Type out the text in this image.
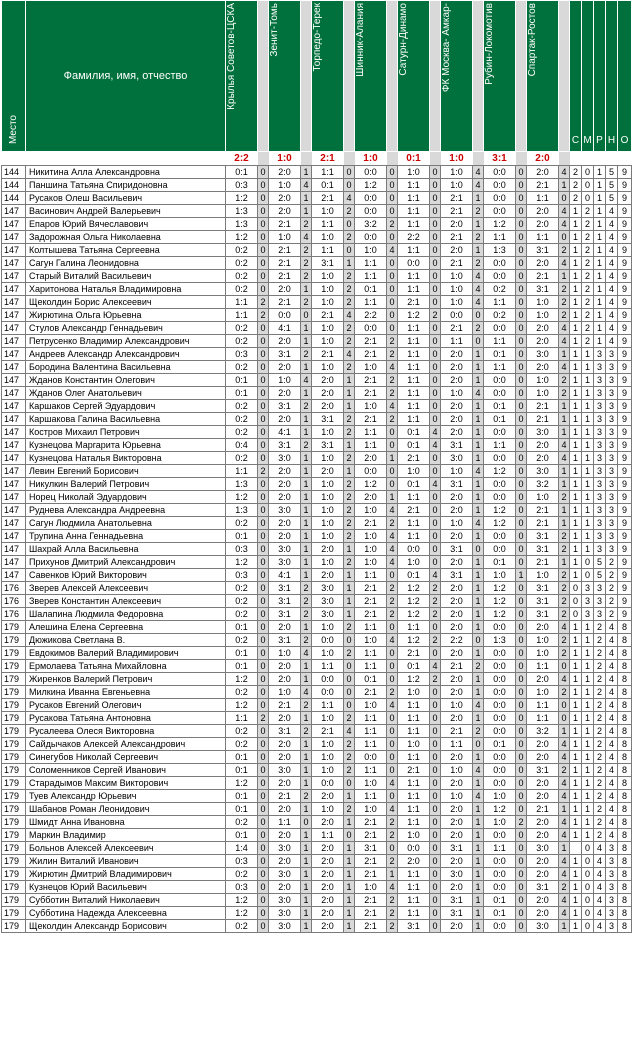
Место	Фамилия, имя, отчество	Крылья Советов-ЦСКА		Зенит-Томь		Торпедо-Терек		Шинник-Алания		Сатурн-Динамо		ФК Москва- Амкар-		Рубин-Локомотив		Спартак-Ростов		С	М	Р	Н	О
		2:2		1:0		2:1		1:0		0:1		1:0		3:1		2:0						
144	Никитина Алла Александровна	0:1	0	2:0	1	1:1	0	0:0	0	1:0	0	1:0	4	0:0	0	2:0	4	2	0	1	5	9
144	Паншина Татьяна Спиридоновна	0:3	0	1:0	4	0:1	0	1:2	0	1:1	0	1:0	4	0:0	0	2:1	1	2	0	1	5	9
144	Русаков Олеш Васильевич	1:2	0	2:0	1	2:1	4	0:0	0	1:1	0	2:1	1	0:0	0	1:1	0	2	0	1	5	9
147	Васинович Андрей Валерьевич	1:3	0	2:0	1	1:0	2	0:0	0	1:1	0	2:1	2	0:0	0	2:0	4	1	2	1	4	9
147	Епаров Юрий Вячеславович	1:3	0	2:1	2	1:1	0	3:2	2	1:1	0	2:0	1	1:2	0	2:0	4	1	2	1	4	9
147	Задорожная Ольга Николаевна	1:2	0	1:0	4	1:0	2	0:0	0	2:2	0	2:1	2	1:1	0	1:1	0	1	2	1	4	9
147	Колтышева Татьяна Сергеевна	0:2	0	2:1	2	1:1	0	1:0	4	1:1	0	2:0	1	1:3	0	3:1	2	1	2	1	4	9
147	Сагун Галина Леонидовна	0:2	0	2:1	2	3:1	1	1:1	0	0:0	0	2:1	2	0:0	0	2:0	4	1	2	1	4	9
147	Старый Виталий Васильевич	0:2	0	2:1	2	1:0	2	1:1	0	1:1	0	1:0	4	0:0	0	2:1	1	1	2	1	4	9
147	Харитонова Наталья Владимировна	0:2	0	2:0	1	1:0	2	0:1	0	1:1	0	1:0	4	0:2	0	3:1	2	1	2	1	4	9
147	Щеколдин Борис Алексеевич	1:1	2	2:1	2	1:0	2	1:1	0	2:1	0	1:0	4	1:1	0	1:0	2	1	2	1	4	9
147	Жирютина Ольга Юрьевна	1:1	2	0:0	0	2:1	4	2:2	0	1:2	2	0:0	0	0:2	0	1:0	2	1	2	1	4	9
147	Стулов Александр Геннадьевич	0:2	0	4:1	1	1:0	2	0:0	0	1:1	0	2:1	2	0:0	0	2:0	4	1	2	1	4	9
147	Петрусенко Владимир Александрович	0:2	0	2:0	1	1:0	2	2:1	2	1:1	0	1:1	0	1:1	0	2:0	4	1	2	1	4	9
147	Андреев Александр Александрович	0:3	0	3:1	2	2:1	4	2:1	2	1:1	0	2:0	1	0:1	0	3:0	1	1	1	3	3	9
147	Бородина Валентина Васильевна	0:2	0	2:0	1	1:0	2	1:0	4	1:1	0	2:0	1	1:1	0	2:0	4	1	1	3	3	9
147	Жданов Константин Олегович	0:1	0	1:0	4	2:0	1	2:1	2	1:1	0	2:0	1	0:0	0	1:0	2	1	1	3	3	9
147	Жданов Олег Анатольевич	0:1	0	2:0	1	2:0	1	2:1	2	1:1	0	1:0	4	0:0	0	1:0	2	1	1	3	3	9
147	Каршаков Сергей Эдуардович	0:2	0	3:1	2	2:0	1	1:0	4	1:1	0	2:0	1	0:1	0	2:1	1	1	1	3	3	9
147	Каршакова Галина Васильевна	0:2	0	2:0	1	3:1	2	2:1	2	1:1	0	2:0	1	0:1	0	2:1	1	1	1	3	3	9
147	Костров Михаил Петрович	0:2	0	4:1	1	1:0	2	1:1	0	0:1	4	2:0	1	0:0	0	3:0	1	1	1	3	3	9
147	Кузнецова Маргарита Юрьевна	0:4	0	3:1	2	3:1	1	1:1	0	0:1	4	3:1	1	1:1	0	2:0	4	1	1	3	3	9
147	Кузнецова Наталья Викторовна	0:2	0	3:0	1	1:0	2	2:0	1	2:1	0	3:0	1	0:0	0	2:0	4	1	1	3	3	9
147	Левин Евгений Борисович	1:1	2	2:0	1	2:0	1	0:0	0	1:0	0	1:0	4	1:2	0	3:0	1	1	1	3	3	9
147	Никулкин Валерий Петрович	1:3	0	2:0	1	1:0	2	1:2	0	0:1	4	3:1	1	0:0	0	3:2	1	1	1	3	3	9
147	Норец Николай Эдуардович	1:2	0	2:0	1	1:0	2	2:0	1	1:1	0	2:0	1	0:0	0	1:0	2	1	1	3	3	9
147	Руднева Александра Андреевна	1:3	0	3:0	1	1:0	2	1:0	4	2:1	0	2:0	1	1:2	0	2:1	1	1	1	3	3	9
147	Сагун Людмила Анатольевна	0:2	0	2:0	1	1:0	2	2:1	2	1:1	0	1:0	4	1:2	0	2:1	1	1	1	3	3	9
147	Трупина Анна Геннадьевна	0:1	0	2:0	1	1:0	2	1:0	4	1:1	0	2:0	1	0:0	0	3:1	2	1	1	3	3	9
147	Шахрай Алла Васильевна	0:3	0	3:0	1	2:0	1	1:0	4	0:0	0	3:1	0	0:0	0	3:1	2	1	1	3	3	9
147	Прихунов Дмитрий Александрович	1:2	0	3:0	1	1:0	2	1:0	4	1:0	0	2:0	1	0:1	0	2:1	1	1	0	5	2	9
147	Савенков Юрий Викторович	0:3	0	4:1	1	2:0	1	1:1	0	0:1	4	3:1	1	1:0	1	1:0	2	1	0	5	2	9
176	Зверев Алексей Алексеевич	0:2	0	3:1	2	3:0	1	2:1	2	1:2	2	2:0	1	1:2	0	3:1	2	0	3	3	2	9
176	Зверев Константин Алексеевич	0:2	0	3:1	2	3:0	1	2:1	2	1:2	2	2:0	1	1:2	0	3:1	2	0	3	3	2	9
176	Шалапина Людмила Федоровна	0:2	0	3:1	2	3:0	1	2:1	2	1:2	2	2:0	1	1:2	0	3:1	2	0	3	3	2	9
179	Алешина Елена Сергеевна	0:1	0	2:0	1	1:0	2	1:1	0	1:1	0	2:0	1	0:0	0	2:0	4	1	1	2	4	8
179	Дюжикова Светлана В.	0:2	0	3:1	2	0:0	0	1:0	4	1:2	2	2:2	0	1:3	0	1:0	2	1	1	2	4	8
179	Евдокимов Валерий Владимирович	0:1	0	1:0	4	1:0	2	1:1	0	2:1	0	2:0	1	0:0	0	1:0	2	1	1	2	4	8
179	Ермолаева Татьяна Михайловна	0:1	0	2:0	1	1:1	0	1:1	0	0:1	4	2:1	2	0:0	0	1:1	0	1	1	2	4	8
179	Жиренков Валерий Петрович	1:2	0	2:0	1	0:0	0	0:1	0	1:2	2	2:0	1	0:0	0	2:0	4	1	1	2	4	8
179	Милкина Иванна Евгеньевна	0:2	0	1:0	4	0:0	0	2:1	2	1:0	0	2:0	1	0:0	0	1:0	2	1	1	2	4	8
179	Русаков Евгений Олегович	1:2	0	2:1	2	1:1	0	1:0	4	1:1	0	1:0	4	0:0	0	1:1	0	1	1	2	4	8
179	Русакова Татьяна Антоновна	1:1	2	2:0	1	1:0	2	1:1	0	1:1	0	2:0	1	0:0	0	1:1	0	1	1	2	4	8
179	Русалеева Олеся Викторовна	0:2	0	3:1	2	2:1	4	1:1	0	1:1	0	2:1	2	0:0	0	3:2	1	1	1	2	4	8
179	Сайдычаков Алексей Александрович	0:2	0	2:0	1	1:0	2	1:1	0	1:0	0	1:1	0	0:1	0	2:0	4	1	1	2	4	8
179	Синегубов Николай Сергеевич	0:1	0	2:0	1	1:0	2	0:0	0	1:1	0	2:0	1	0:0	0	2:0	4	1	1	2	4	8
179	Соломенников Сергей Иванович	0:1	0	3:0	1	1:0	2	1:1	0	2:1	0	1:0	4	0:0	0	3:1	2	1	1	2	4	8
179	Старадымов Максим Викторович	1:2	0	2:0	1	0:0	0	1:0	4	1:1	0	2:0	1	0:0	0	2:0	4	1	1	2	4	8
179	Туев Александр Юрьевич	0:1	0	2:1	2	2:0	1	1:1	0	1:1	0	1:0	4	1:0	0	2:0	4	1	1	2	4	8
179	Шабанов Роман Леонидович	0:1	0	2:0	1	1:0	2	1:0	4	1:1	0	2:0	1	1:2	0	2:1	1	1	1	2	4	8
179	Шмидт Анна Ивановна	0:2	0	1:1	0	2:0	1	2:1	2	1:1	0	2:0	1	1:0	2	2:0	4	1	1	2	4	8
179	Маркин Владимир	0:1	0	2:0	1	1:1	0	2:1	2	1:0	0	2:0	1	0:0	0	2:0	4	1	1	2	4	8
179	Больнов Алексей Алексеевич	1:4	0	3:0	1	2:0	1	3:1	0	0:0	0	3:1	1	1:1	0	3:0	1		0	4	3	8
179	Жилин Виталий Иванович	0:3	0	2:0	1	2:0	1	2:1	2	2:0	0	2:0	1	0:0	0	2:0	4	1	0	4	3	8
179	Жирютин Дмитрий Владимирович	0:2	0	3:0	1	2:0	1	2:1	1	1:1	0	3:0	1	0:0	0	2:0	4	1	0	4	3	8
179	Кузнецов Юрий Васильевич	0:3	0	2:0	1	2:0	1	1:0	4	1:1	0	2:0	1	0:0	0	3:1	2	1	0	4	3	8
179	Субботин Виталий Николаевич	1:2	0	3:0	1	2:0	1	2:1	2	1:1	0	3:1	1	0:1	0	2:0	4	1	0	4	3	8
179	Субботина Надежда Алексеевна	1:2	0	3:0	1	2:0	1	2:1	2	1:1	0	3:1	1	0:1	0	2:0	4	1	0	4	3	8
179	Щеколдин Александр Борисович	0:2	0	3:0	1	2:0	1	2:1	2	3:1	0	2:0	1	0:0	0	3:0	1	1	0	4	3	8
